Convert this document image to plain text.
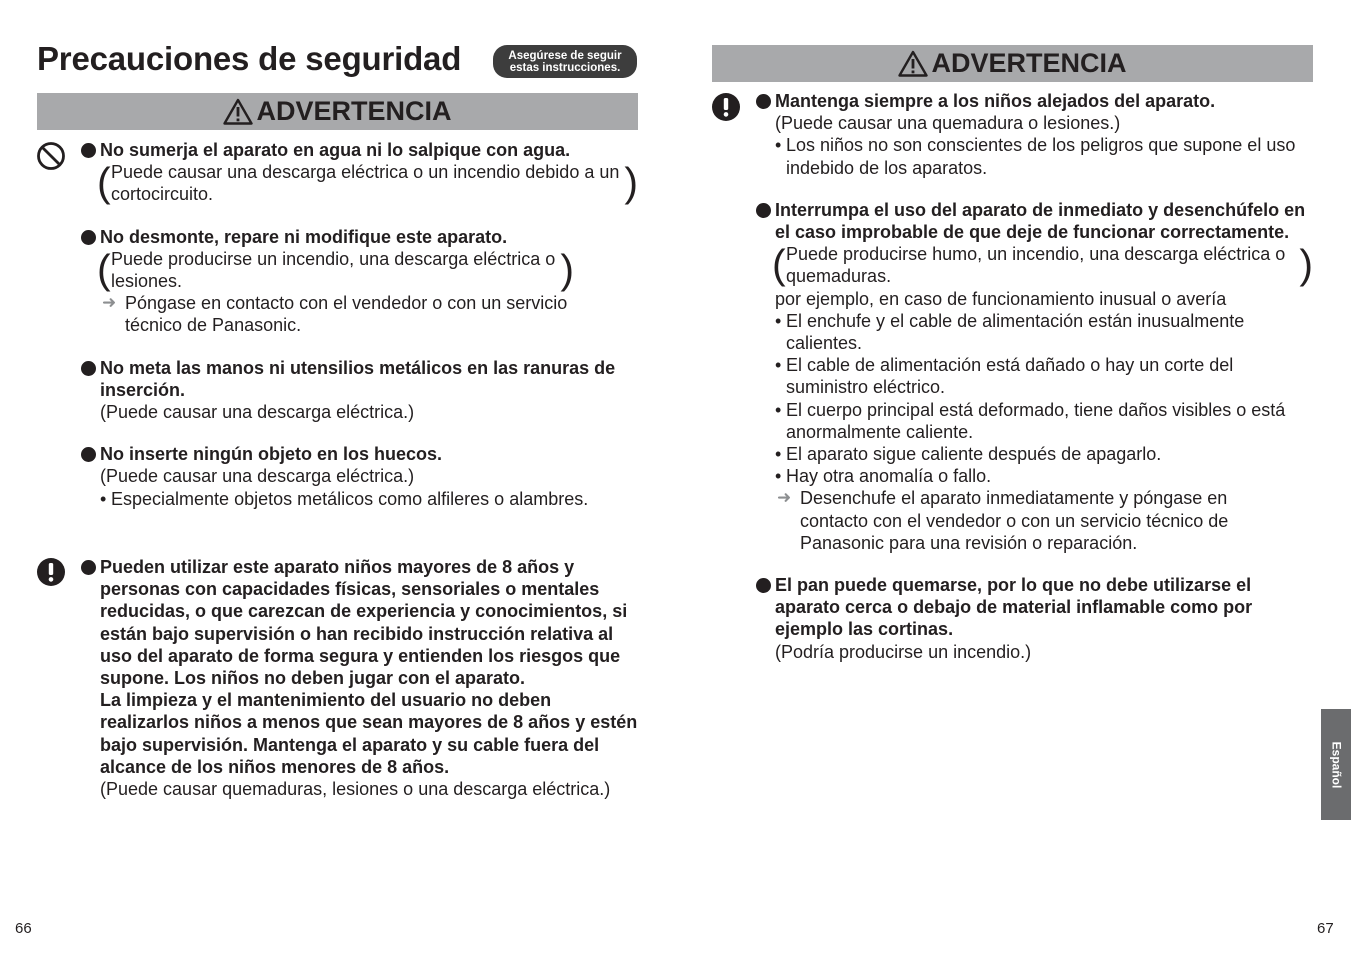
Precauciones de seguridad	Asegúrese de seguir estas instrucciones.
ADVERTENCIA

No sumerja el aparato en agua ni lo salpique con agua.

( Puede causar una descarga eléctrica o un incendio debido a un cortocircuito. )

No desmonte, repare ni modifique este aparato.

( Puede producirse un incendio, una descarga eléctrica o lesiones. )

➜ Póngase en contacto con el vendedor o con un servicio técnico de Panasonic.

No meta las manos ni utensilios metálicos en las ranuras de inserción.

(Puede causar una descarga eléctrica.)

No inserte ningún objeto en los huecos.

(Puede causar una descarga eléctrica.)

• Especialmente objetos metálicos como alfileres o alambres.

Pueden utilizar este aparato niños mayores de 8 años y personas con capacidades físicas, sensoriales o mentales reducidas, o que carezcan de experiencia y conocimientos, si están bajo supervisión o han recibido instrucción relativa al uso del aparato de forma segura y entienden los riesgos que supone. Los niños no deben jugar con el aparato.

La limpieza y el mantenimiento del usuario no deben realizarlos niños a menos que sean mayores de 8 años y estén bajo supervisión. Mantenga el aparato y su cable fuera del alcance de los niños menores de 8 años.

(Puede causar quemaduras, lesiones o una descarga eléctrica.)

66
ADVERTENCIA

Mantenga siempre a los niños alejados del aparato.

(Puede causar una quemadura o lesiones.)

• Los niños no son conscientes de los peligros que supone el uso indebido de los aparatos.

Interrumpa el uso del aparato de inmediato y desenchúfelo en el caso improbable de que deje de funcionar correctamente.

( Puede producirse humo, un incendio, una descarga eléctrica o quemaduras. )

por ejemplo, en caso de funcionamiento inusual o avería

• El enchufe y el cable de alimentación están inusualmente calientes.

• El cable de alimentación está dañado o hay un corte del suministro eléctrico.

• El cuerpo principal está deformado, tiene daños visibles o está anormalmente caliente.

• El aparato sigue caliente después de apagarlo.

• Hay otra anomalía o fallo.

➜ Desenchufe el aparato inmediatamente y póngase en contacto con el vendedor o con un servicio técnico de Panasonic para una revisión o reparación.

El pan puede quemarse, por lo que no debe utilizarse el aparato cerca o debajo de material inflamable como por ejemplo las cortinas.

(Podría producirse un incendio.)

Español
67
